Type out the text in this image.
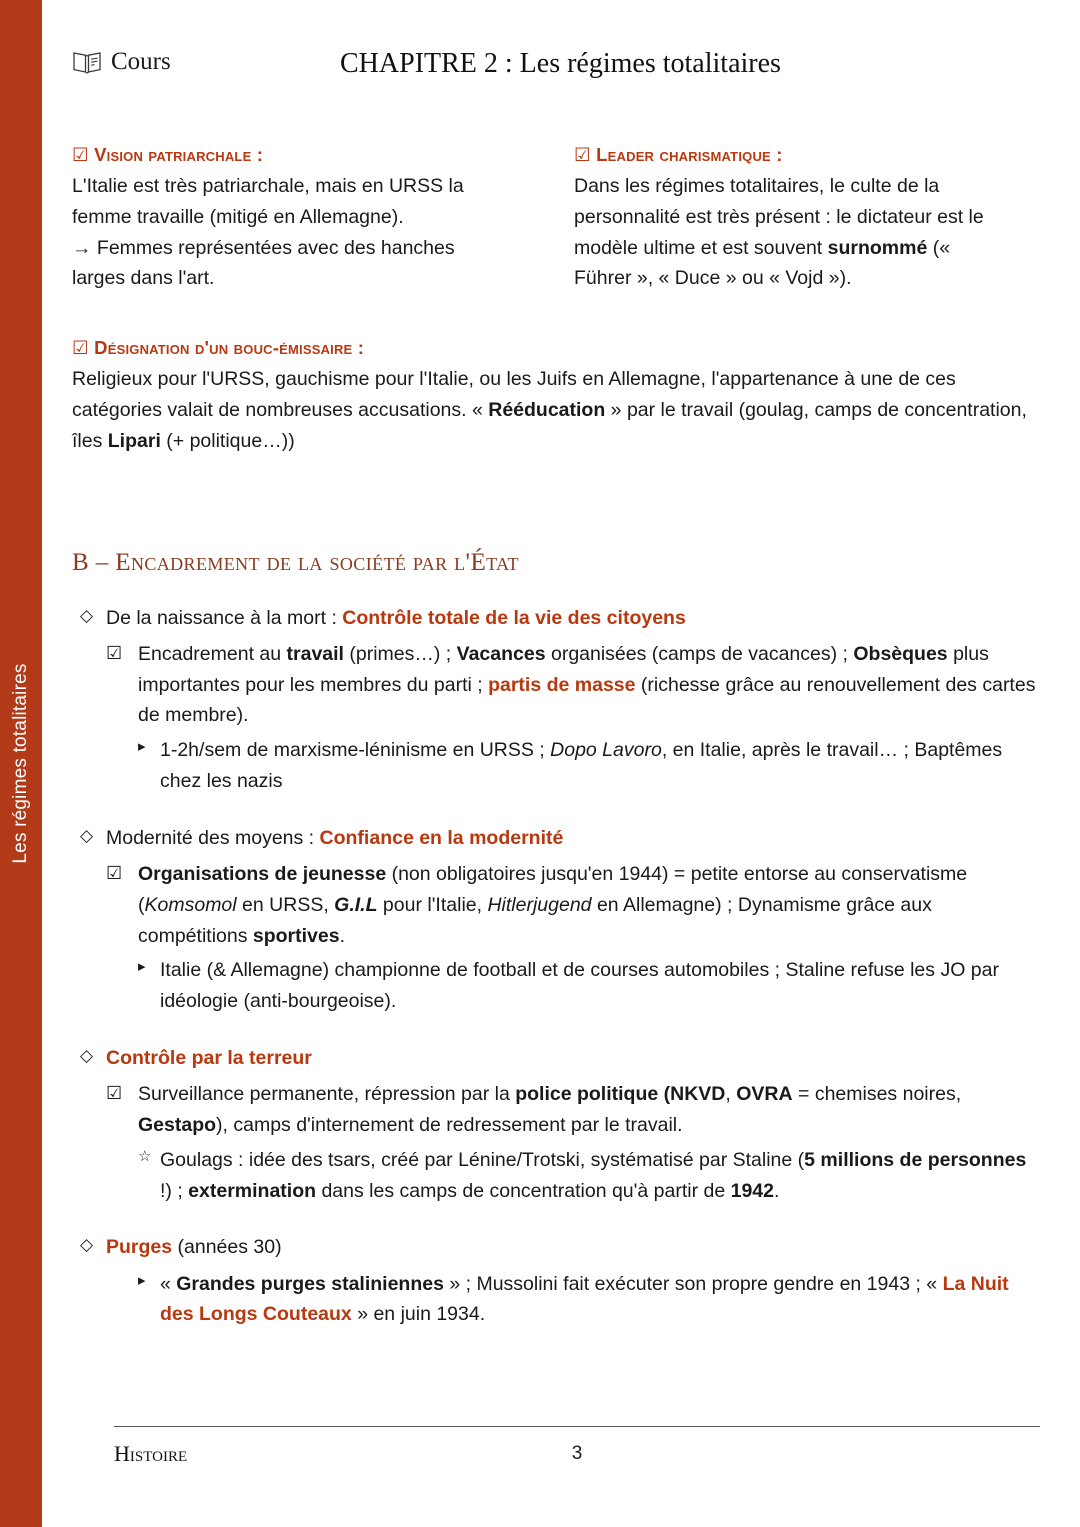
Les régimes totalitaires
Cours	CHAPITRE 2 : Les régimes totalitaires
☑ Vision patriarchale :
L'Italie est très patriarchale, mais en URSS la femme travaille (mitigé en Allemagne).
→ Femmes représentées avec des hanches larges dans l'art.
☑ Leader charismatique :
Dans les régimes totalitaires, le culte de la personnalité est très présent : le dictateur est le modèle ultime et est souvent surnommé (« Führer », « Duce » ou « Vojd »).
☑ Désignation d'un bouc-émissaire :
Religieux pour l'URSS, gauchisme pour l'Italie, ou les Juifs en Allemagne, l'appartenance à une de ces catégories valait de nombreuses accusations. « Rééducation » par le travail (goulag, camps de concentration, îles Lipari (+ politique…))
B – Encadrement de la société par l'État
◇ De la naissance à la mort : Contrôle totale de la vie des citoyens
☑ Encadrement au travail (primes…) ; Vacances organisées (camps de vacances) ; Obsèques plus importantes pour les membres du parti ; partis de masse (richesse grâce au renouvellement des cartes de membre).
▸ 1-2h/sem de marxisme-léninisme en URSS ; Dopo Lavoro, en Italie, après le travail… ; Baptêmes chez les nazis
◇ Modernité des moyens : Confiance en la modernité
☑ Organisations de jeunesse (non obligatoires jusqu'en 1944) = petite entorse au conservatisme (Komsomol en URSS, G.I.L pour l'Italie, Hitlerjugend en Allemagne) ; Dynamisme grâce aux compétitions sportives.
▸ Italie (& Allemagne) championne de football et de courses automobiles ; Staline refuse les JO par idéologie (anti-bourgeoise).
◇ Contrôle par la terreur
☑ Surveillance permanente, répression par la police politique (NKVD, OVRA = chemises noires, Gestapo), camps d'internement de redressement par le travail.
☆ Goulags : idée des tsars, créé par Lénine/Trotski, systématisé par Staline (5 millions de personnes !) ; extermination dans les camps de concentration qu'à partir de 1942.
◇ Purges (années 30)
▸ « Grandes purges staliniennes » ; Mussolini fait exécuter son propre gendre en 1943 ; « La Nuit des Longs Couteaux » en juin 1934.
Histoire	3
